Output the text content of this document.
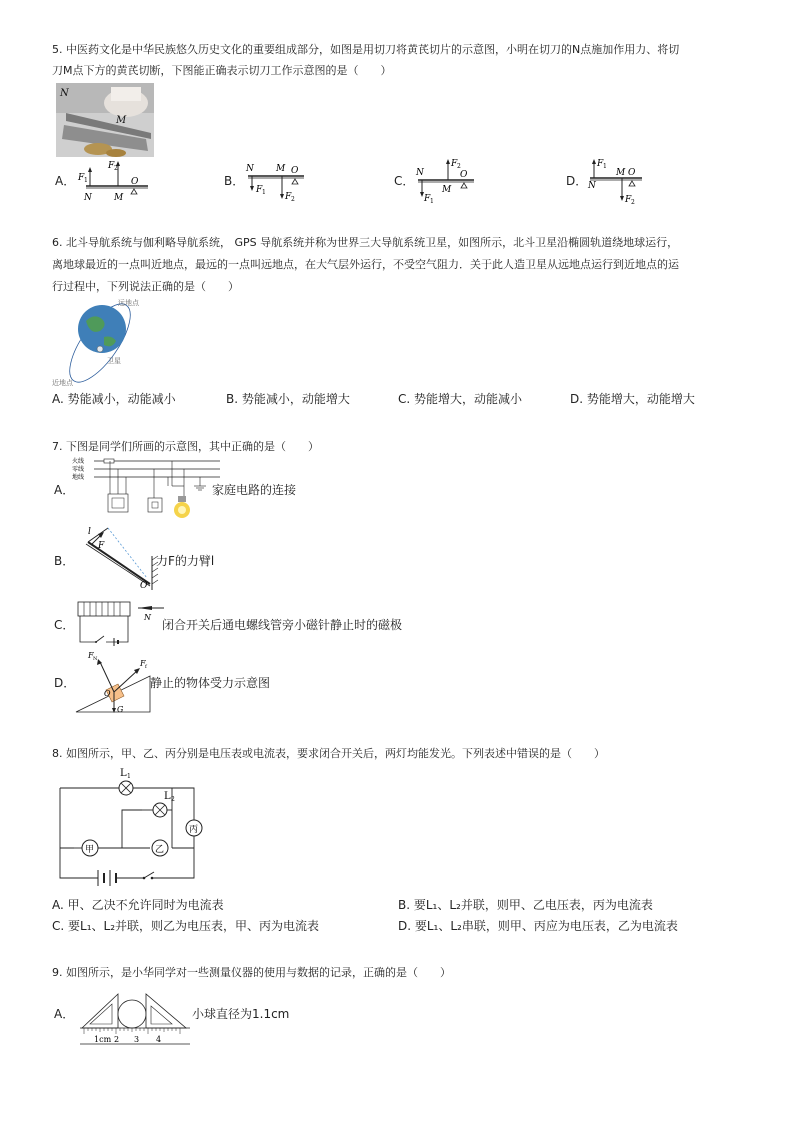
5. 中医药文化是中华民族悠久历史文化的重要组成部分，如图是用切刀将黄芪切片的示意图，小明在切刀的N点施加作用力、将切
刀M点下方的黄芪切断，下图能正确表示切刀工作示意图的是（　　）
N
M
A． F 1
F 2
N M
O	B．
N M O
F 1 F 2
C．
F 2
N
M
O
F 1
D．
F 1
N
M O
F 2
6. 北斗导航系统与伽利略导航系统， GPS 导航系统并称为世界三大导航系统卫星，如图所示，北斗卫星沿椭圆轨道绕地球运行，
离地球最近的一点叫近地点，最远的一点叫远地点，在大气层外运行，不受空气阻力．关于此人造卫星从远地点运行到近地点的运
行过程中，下列说法正确的是（　　）
远地点
卫星
近地点
A. 势能减小，动能减小	B. 势能减小，动能增大	C. 势能增大，动能减小	D. 势能增大，动能增大
7. 下图是同学们所画的示意图，其中正确的是（　　）
A．
火线
零线
地线
家庭电路的连接
B．
l
F
O
力F的力臂l
C．
N
闭合开关后通电螺线管旁小磁针静止时的磁极
D．
F N	F f
O
G
静止的物体受力示意图
8. 如图所示，甲、乙、丙分别是电压表或电流表，要求闭合开关后，两灯均能发光。下列表述中错误的是（　　）
L 1
L 2
丙
甲	乙
A. 甲、乙决不允许同时为电流表	B. 要L₁、L₂并联，则甲、乙电压表，丙为电流表
C. 要L₁、L₂并联，则乙为电压表，甲、丙为电流表	D. 要L₁、L₂串联，则甲、丙应为电压表，乙为电流表
9. 如图所示，是小华同学对一些测量仪器的使用与数据的记录，正确的是（　　）
A．
1cm 2 3 4
小球直径为1.1cm
